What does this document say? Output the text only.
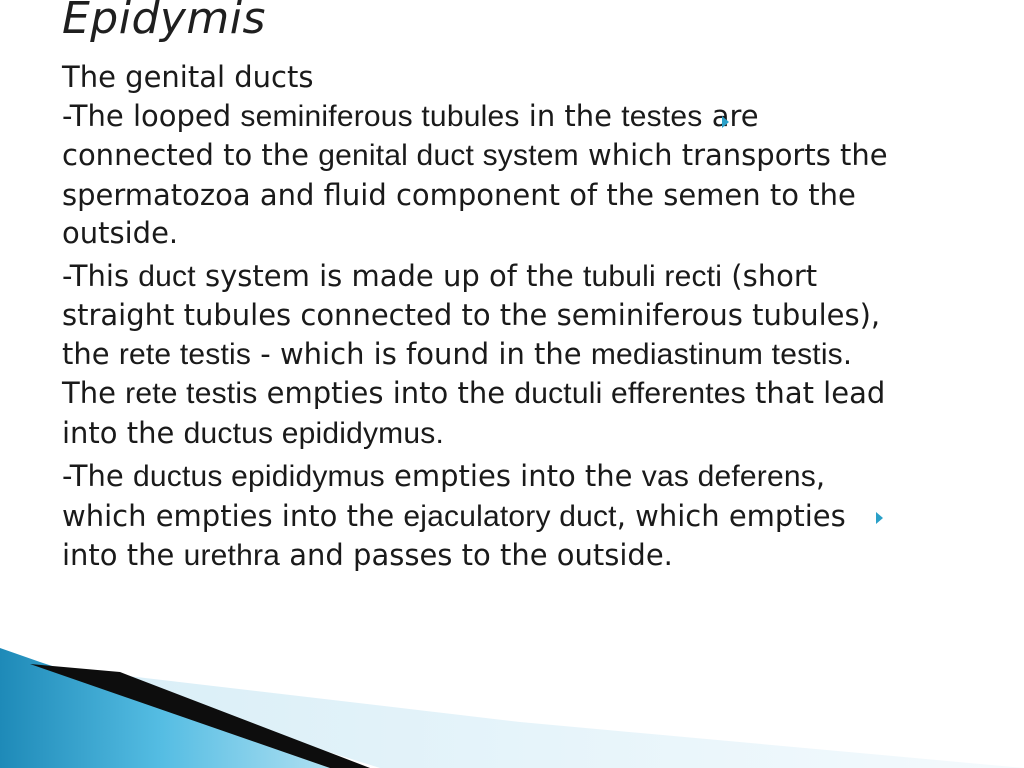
Epidymis

The genital ducts

-The looped seminiferous tubules in the testes are connected to the genital duct system which transports the spermatozoa and fluid component of the semen to the outside.

-This duct system is made up of the tubuli recti (short straight tubules connected to the seminiferous tubules), the rete testis - which is found in the mediastinum testis. The rete testis empties into the ductuli efferentes that lead into the ductus epididymus.

-The ductus epididymus empties into the vas deferens, which empties into the ejaculatory duct, which empties into the urethra and passes to the outside.
